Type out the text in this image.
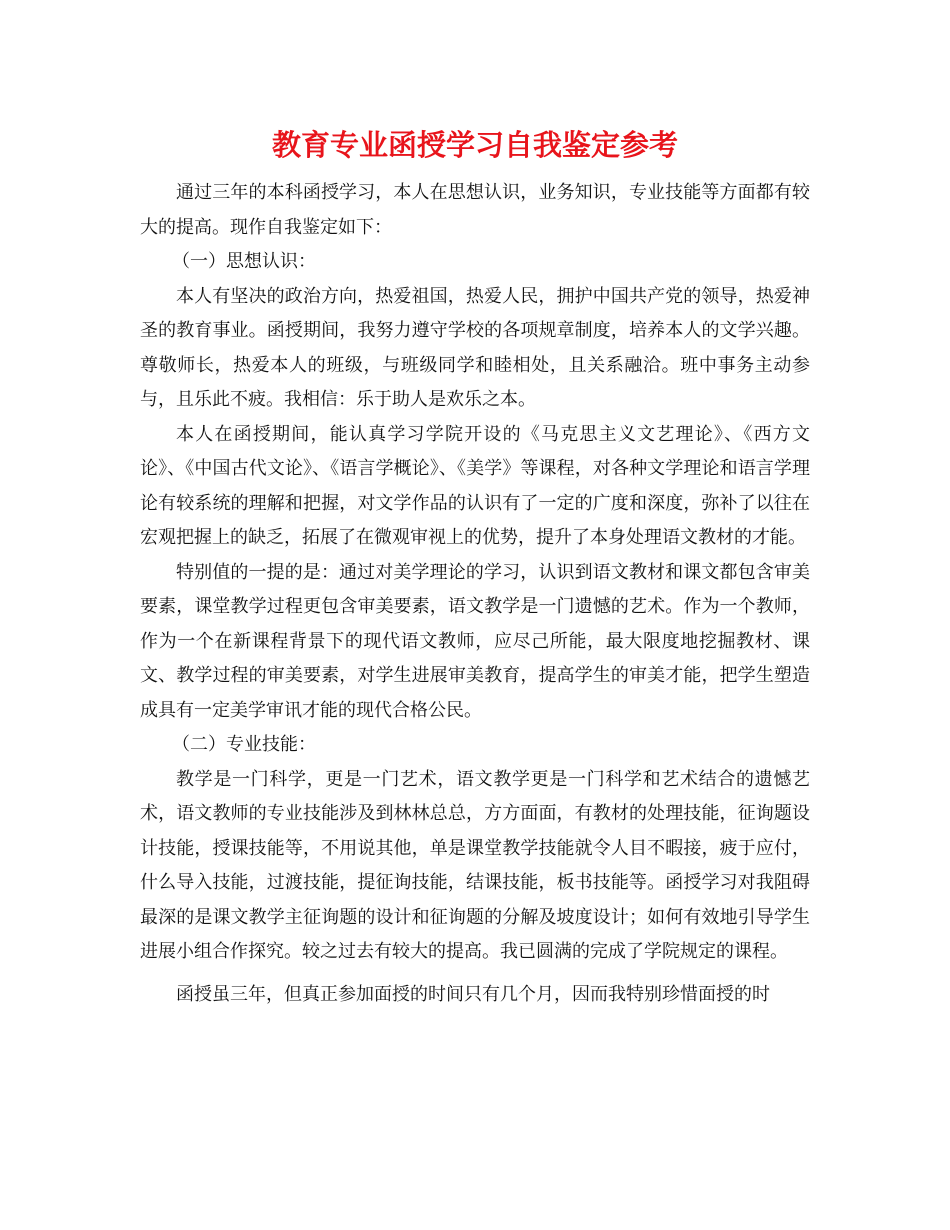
教育专业函授学习自我鉴定参考

通过三年的本科函授学习，本人在思想认识，业务知识，专业技能等方面都有较大的提高。现作自我鉴定如下：

（一）思想认识：

本人有坚决的政治方向，热爱祖国，热爱人民，拥护中国共产党的领导，热爱神圣的教育事业。函授期间，我努力遵守学校的各项规章制度，培养本人的文学兴趣。尊敬师长，热爱本人的班级，与班级同学和睦相处，且关系融洽。班中事务主动参与，且乐此不疲。我相信：乐于助人是欢乐之本。

本人在函授期间，能认真学习学院开设的《马克思主义文艺理论》、《西方文论》、《中国古代文论》、《语言学概论》、《美学》等课程，对各种文学理论和语言学理论有较系统的理解和把握，对文学作品的认识有了一定的广度和深度，弥补了以往在宏观把握上的缺乏，拓展了在微观审视上的优势，提升了本身处理语文教材的才能。

特别值的一提的是：通过对美学理论的学习，认识到语文教材和课文都包含审美要素，课堂教学过程更包含审美要素，语文教学是一门遗憾的艺术。作为一个教师，作为一个在新课程背景下的现代语文教师，应尽己所能，最大限度地挖掘教材、课文、教学过程的审美要素，对学生进展审美教育，提高学生的审美才能，把学生塑造成具有一定美学审讯才能的现代合格公民。

（二）专业技能：

教学是一门科学，更是一门艺术，语文教学更是一门科学和艺术结合的遗憾艺术，语文教师的专业技能涉及到林林总总，方方面面，有教材的处理技能，征询题设计技能，授课技能等，不用说其他，单是课堂教学技能就令人目不暇接，疲于应付，什么导入技能，过渡技能，提征询技能，结课技能，板书技能等。函授学习对我阻碍最深的是课文教学主征询题的设计和征询题的分解及坡度设计；如何有效地引导学生进展小组合作探究。较之过去有较大的提高。我已圆满的完成了学院规定的课程。

函授虽三年，但真正参加面授的时间只有几个月，因而我特别珍惜面授的时
